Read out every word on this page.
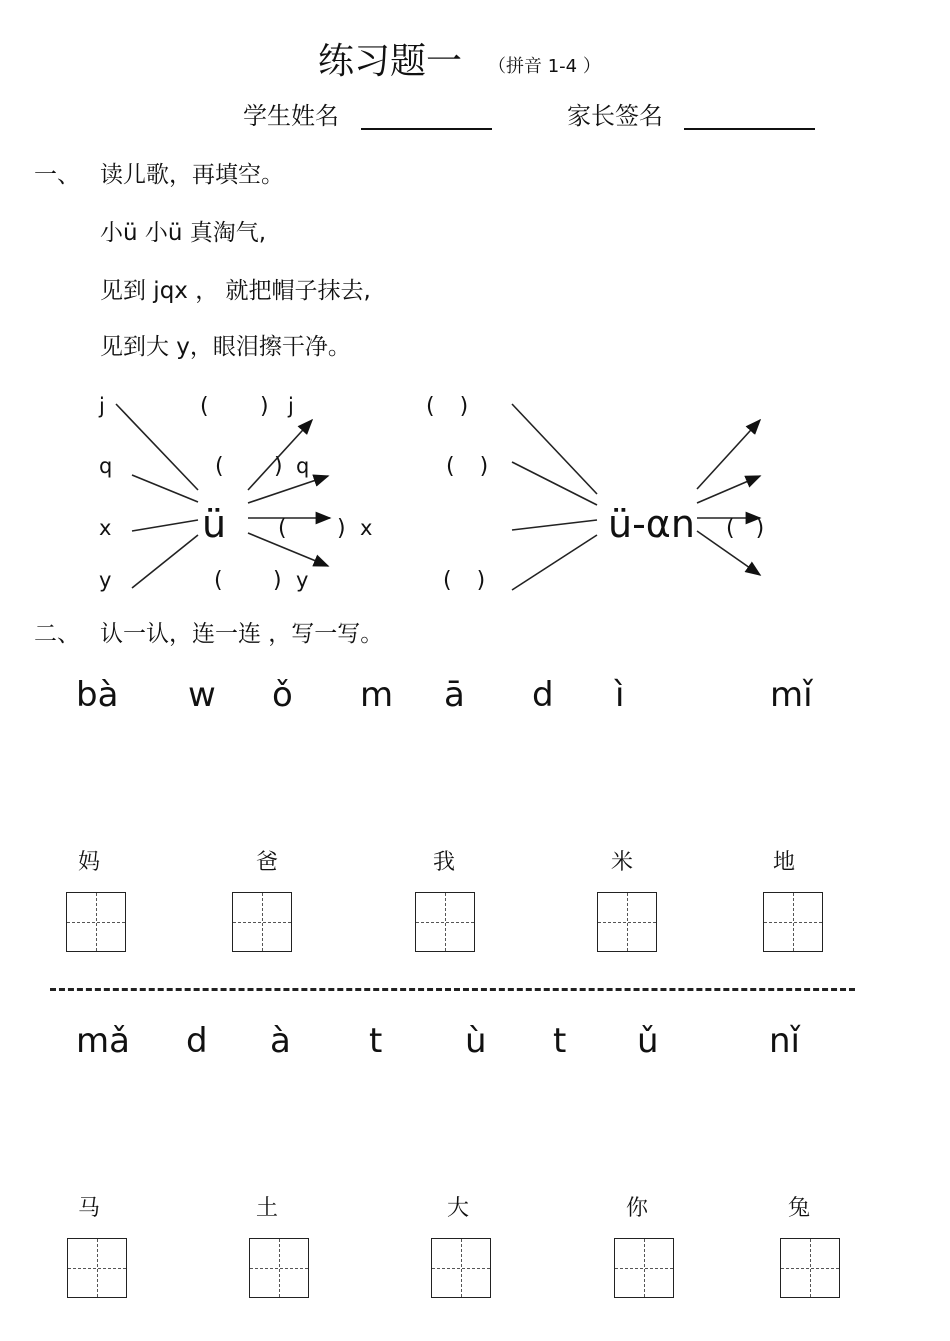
练习题一 （拼音 1-4 ）
学生姓名	家长签名
一、 读儿歌，再填空。
小ü 小ü 真淘气,
见到 jqx ， 就把帽子抹去,
见到大 y，眼泪擦干净。
j
q
x
y
ü
( ) j
( ) q
( ) x
( ) y
( )
( )
( )
ü-αn ( )
二、 认一认，连一连 ，写一写。
bà w ǒ m ā d ì	mǐ
妈	爸	我	米	地
mǎ d à t ù t ǔ	nǐ
马	土	大	你	兔
